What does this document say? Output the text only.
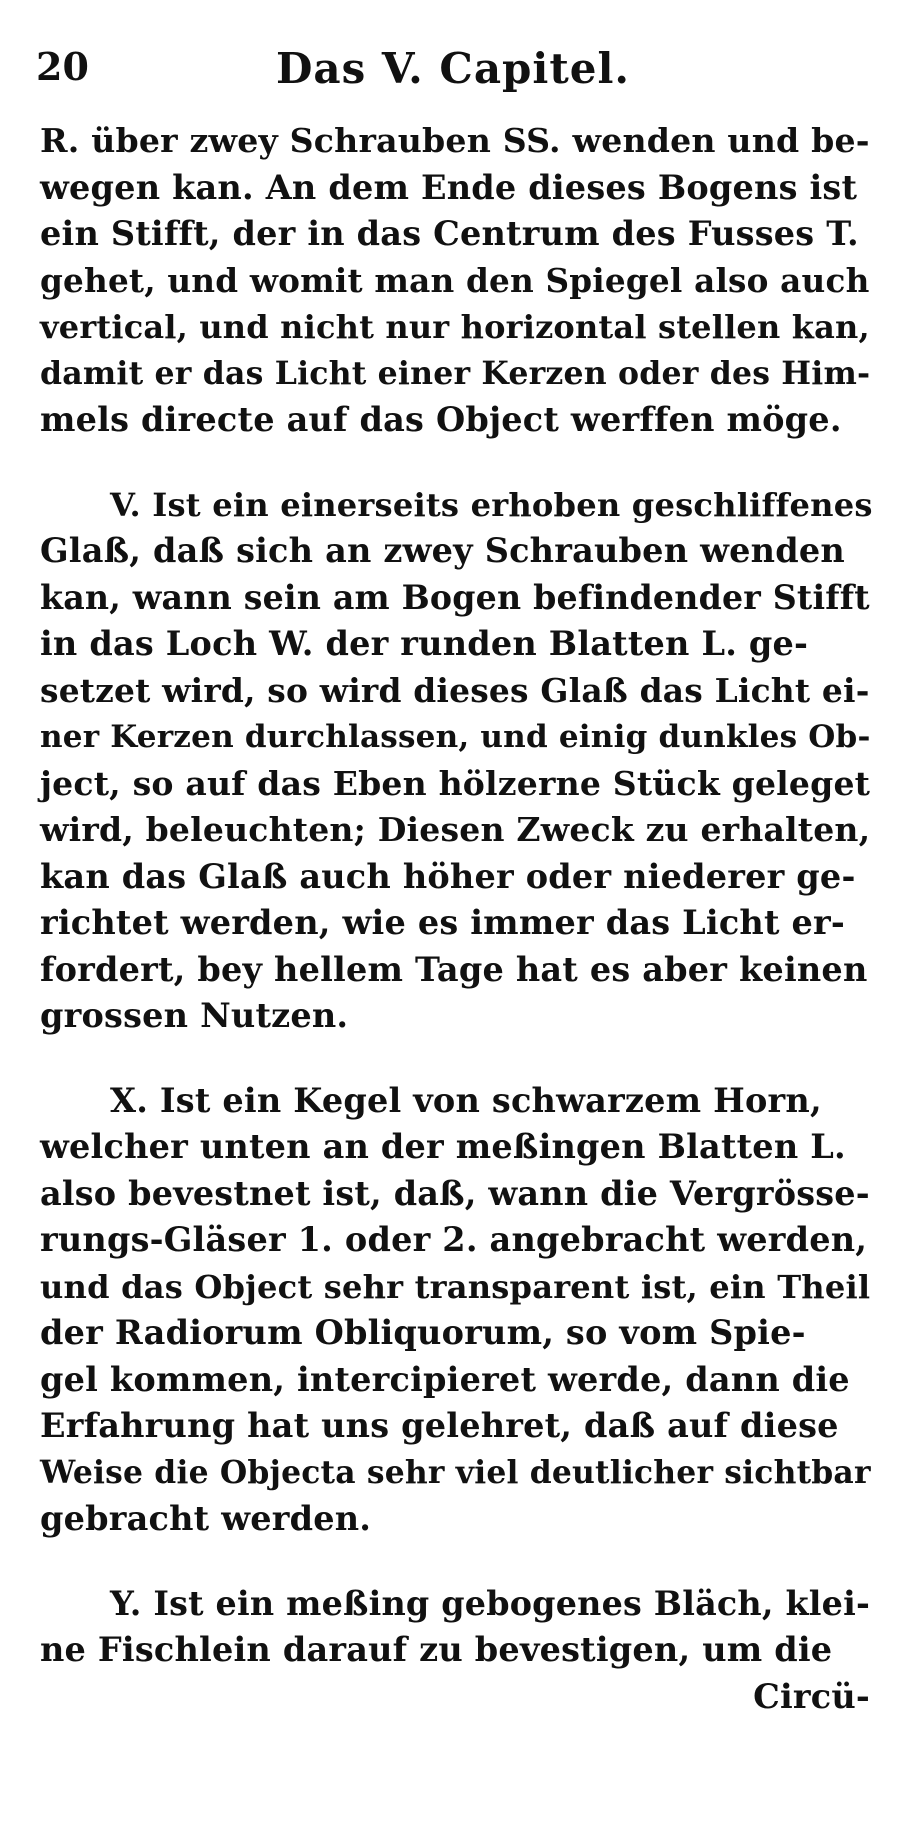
20	Das V. Capitel.
R. über zwey Schrauben SS. wenden und be-
wegen kan. An dem Ende dieses Bogens ist
ein Stifft, der in das Centrum des Fusses T.
gehet, und womit man den Spiegel also auch
vertical, und nicht nur horizontal stellen kan,
damit er das Licht einer Kerzen oder des Him-
mels directe auf das Object werffen möge.
V. Ist ein einerseits erhoben geschliffenes
Glaß, daß sich an zwey Schrauben wenden
kan, wann sein am Bogen befindender Stifft
in das Loch W. der runden Blatten L. ge-
setzet wird, so wird dieses Glaß das Licht ei-
ner Kerzen durchlassen, und einig dunkles Ob-
ject, so auf das Eben hölzerne Stück geleget
wird, beleuchten; Diesen Zweck zu erhalten,
kan das Glaß auch höher oder niederer ge-
richtet werden, wie es immer das Licht er-
fordert, bey hellem Tage hat es aber keinen
grossen Nutzen.
X. Ist ein Kegel von schwarzem Horn,
welcher unten an der meßingen Blatten L.
also bevestnet ist, daß, wann die Vergrösse-
rungs-Gläser 1. oder 2. angebracht werden,
und das Object sehr transparent ist, ein Theil
der Radiorum Obliquorum, so vom Spie-
gel kommen, intercipieret werde, dann die
Erfahrung hat uns gelehret, daß auf diese
Weise die Objecta sehr viel deutlicher sichtbar
gebracht werden.
Y. Ist ein meßing gebogenes Bläch, klei-
ne Fischlein darauf zu bevestigen, um die
Circü-
